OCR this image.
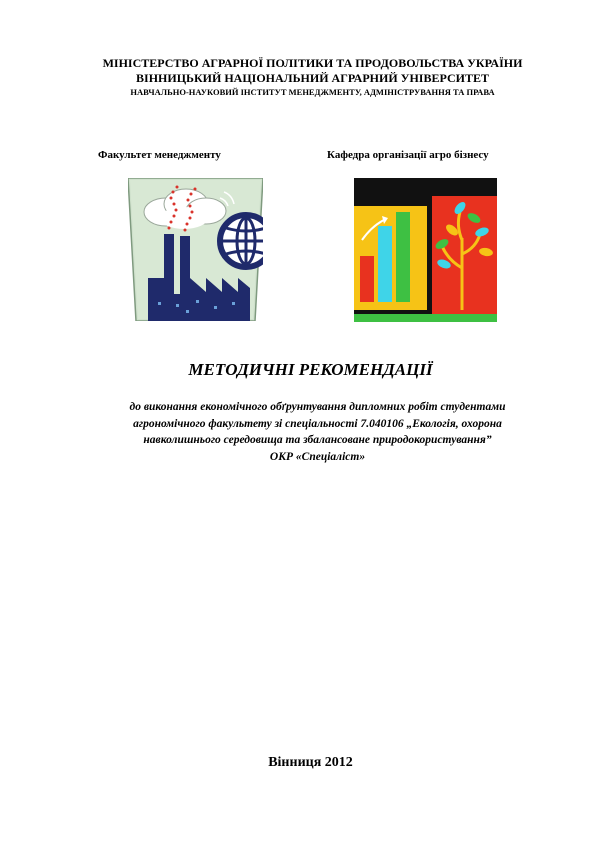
МІНІСТЕРСТВО АГРАРНОЇ ПОЛІТИКИ ТА ПРОДОВОЛЬСТВА УКРАЇНИ
ВІННИЦЬКИЙ НАЦІОНАЛЬНИЙ АГРАРНИЙ УНІВЕРСИТЕТ
НАВЧАЛЬНО-НАУКОВИЙ ІНСТИТУТ МЕНЕДЖМЕНТУ, АДМІНІСТРУВАННЯ ТА ПРАВА
Факультет менеджменту	Кафедра організації агро бізнесу
МЕТОДИЧНІ РЕКОМЕНДАЦІЇ
до виконання економічного обґрунтування дипломних робіт студентами
агрономічного факультету зі спеціальності 7.040106 „Екологія, охорона
навколишнього середовища та збалансоване природокористування”
ОКР «Спеціаліст»
Вінниця 2012
